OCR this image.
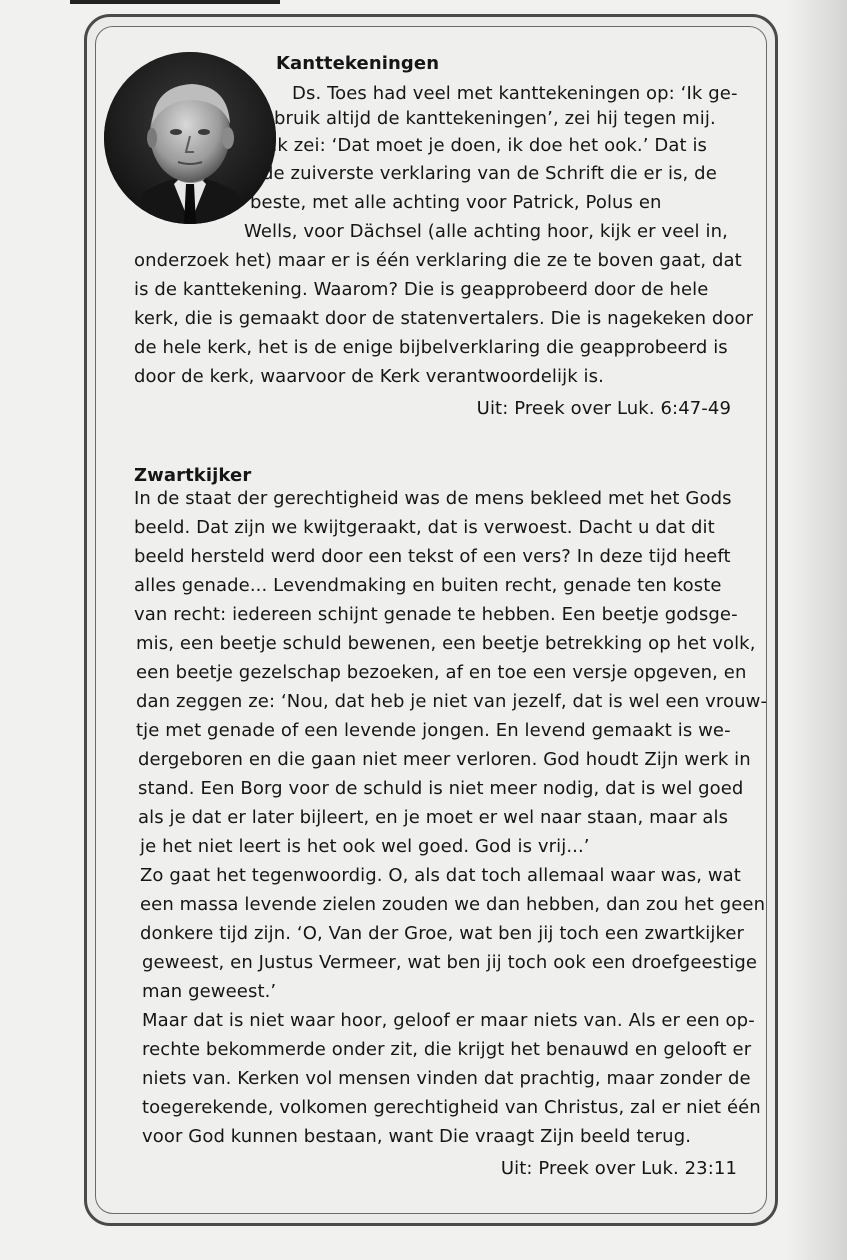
Kanttekeningen
Ds. Toes had veel met kanttekeningen op: ‘Ik ge-
bruik altijd de kanttekeningen’, zei hij tegen mij.
Ik zei: ‘Dat moet je doen, ik doe het ook.’ Dat is
de zuiverste verklaring van de Schrift die er is, de
beste, met alle achting voor Patrick, Polus en
Wells, voor Dächsel (alle achting hoor, kijk er veel in,
onderzoek het) maar er is één verklaring die ze te boven gaat, dat
is de kanttekening. Waarom? Die is geapprobeerd door de hele
kerk, die is gemaakt door de statenvertalers. Die is nagekeken door
de hele kerk, het is de enige bijbelverklaring die geapprobeerd is
door de kerk, waarvoor de Kerk verantwoordelijk is.
Uit: Preek over Luk. 6:47-49
Zwartkijker
In de staat der gerechtigheid was de mens bekleed met het Gods
beeld. Dat zijn we kwijtgeraakt, dat is verwoest. Dacht u dat dit
beeld hersteld werd door een tekst of een vers? In deze tijd heeft
alles genade... Levendmaking en buiten recht, genade ten koste
van recht: iedereen schijnt genade te hebben. Een beetje godsge-
mis, een beetje schuld bewenen, een beetje betrekking op het volk,
een beetje gezelschap bezoeken, af en toe een versje opgeven, en
dan zeggen ze: ‘Nou, dat heb je niet van jezelf, dat is wel een vrouw-
tje met genade of een levende jongen. En levend gemaakt is we-
dergeboren en die gaan niet meer verloren. God houdt Zijn werk in
stand. Een Borg voor de schuld is niet meer nodig, dat is wel goed
als je dat er later bijleert, en je moet er wel naar staan, maar als
je het niet leert is het ook wel goed. God is vrij...’
Zo gaat het tegenwoordig. O, als dat toch allemaal waar was, wat
een massa levende zielen zouden we dan hebben, dan zou het geen
donkere tijd zijn. ‘O, Van der Groe, wat ben jij toch een zwartkijker
geweest, en Justus Vermeer, wat ben jij toch ook een droefgeestige
man geweest.’
Maar dat is niet waar hoor, geloof er maar niets van. Als er een op-
rechte bekommerde onder zit, die krijgt het benauwd en gelooft er
niets van. Kerken vol mensen vinden dat prachtig, maar zonder de
toegerekende, volkomen gerechtigheid van Christus, zal er niet één
voor God kunnen bestaan, want Die vraagt Zijn beeld terug.
Uit: Preek over Luk. 23:11
